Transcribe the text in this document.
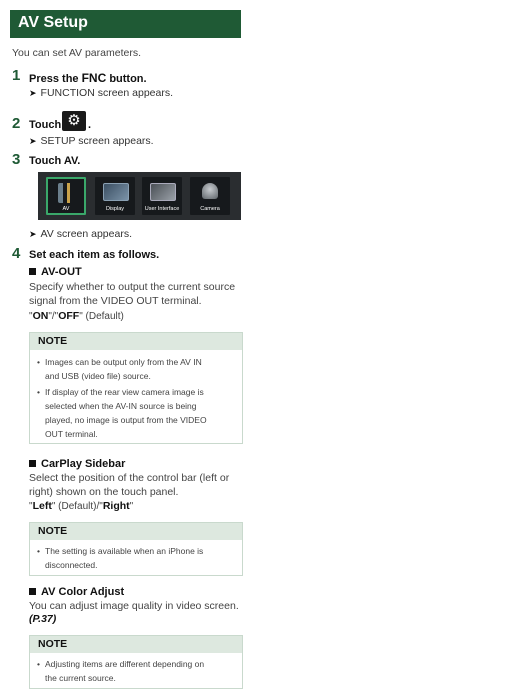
AV Setup
You can set AV parameters.
1 Press the FNC button.
➤ FUNCTION screen appears.
2 Touch ⚙ .
➤ SETUP screen appears.
3 Touch AV.
AV	Display	User Interface	Camera
➤ AV screen appears.
4 Set each item as follows.
AV-OUT
Specify whether to output the current source
signal from the VIDEO OUT terminal.
"ON"/"OFF" (Default)
NOTE
• Images can be output only from the AV IN
and USB (video file) source.
• If display of the rear view camera image is
selected when the AV-IN source is being
played, no image is output from the VIDEO
OUT terminal.
CarPlay Sidebar
Select the position of the control bar (left or
right) shown on the touch panel.
"Left" (Default)/"Right"
NOTE
• The setting is available when an iPhone is
disconnected.
AV Color Adjust
You can adjust image quality in video screen.
(P.37)
NOTE
• Adjusting items are different depending on
the current source.
